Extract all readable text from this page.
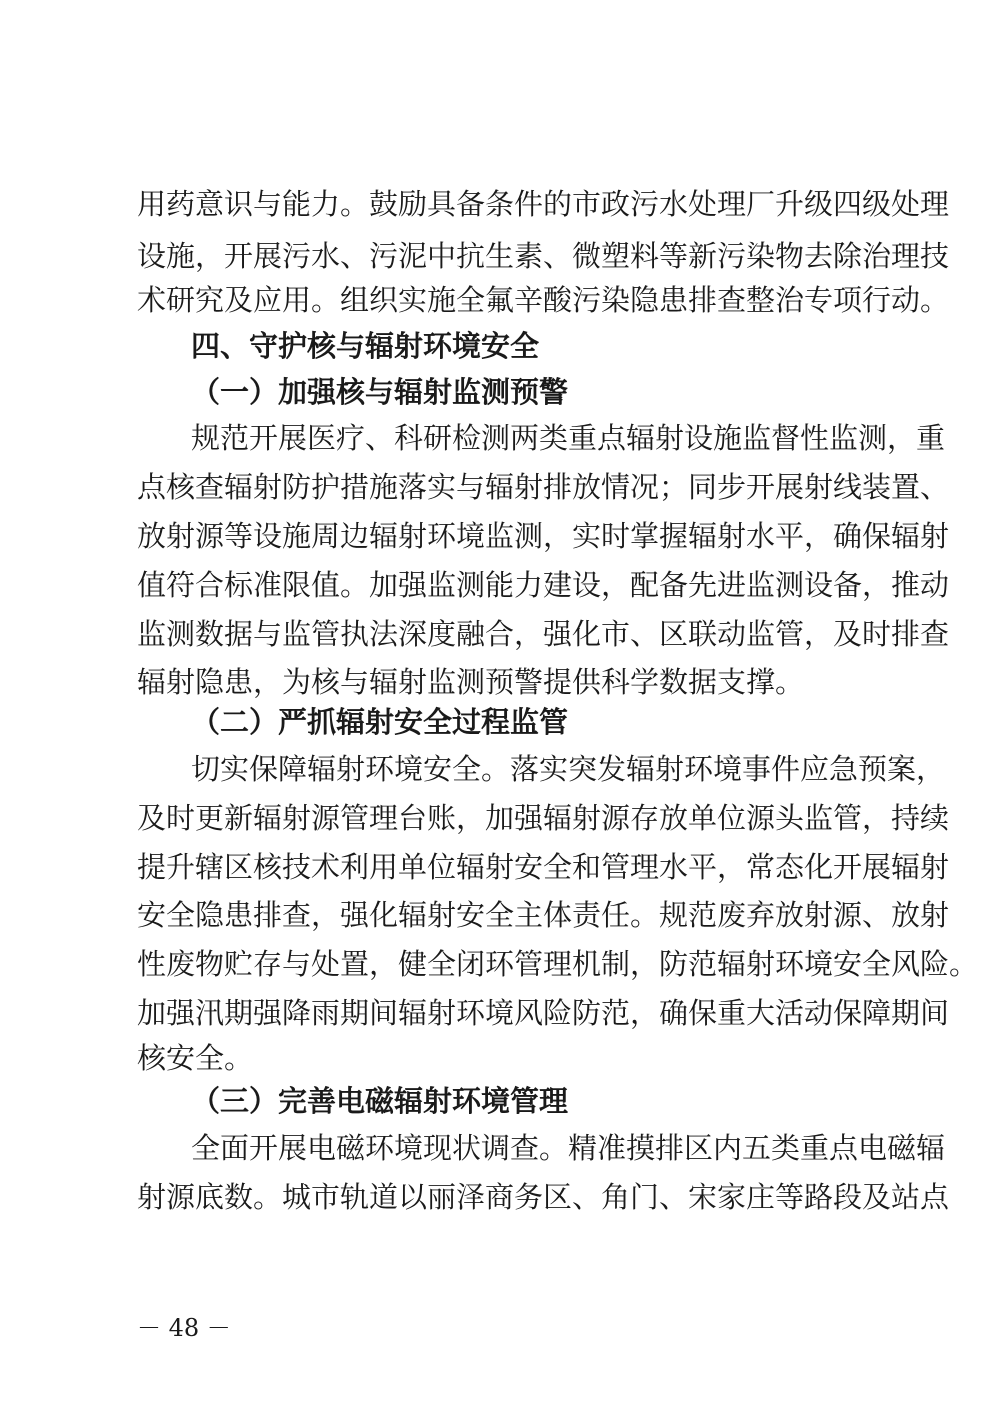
用药意识与能力。鼓励具备条件的市政污水处理厂升级四级处理
设施，开展污水、污泥中抗生素、微塑料等新污染物去除治理技
术研究及应用。组织实施全氟辛酸污染隐患排查整治专项行动。
四、守护核与辐射环境安全
（一）加强核与辐射监测预警
规范开展医疗、科研检测两类重点辐射设施监督性监测，重
点核查辐射防护措施落实与辐射排放情况；同步开展射线装置、
放射源等设施周边辐射环境监测，实时掌握辐射水平，确保辐射
值符合标准限值。加强监测能力建设，配备先进监测设备，推动
监测数据与监管执法深度融合，强化市、区联动监管，及时排查
辐射隐患，为核与辐射监测预警提供科学数据支撑。
（二）严抓辐射安全过程监管
切实保障辐射环境安全。落实突发辐射环境事件应急预案，
及时更新辐射源管理台账，加强辐射源存放单位源头监管，持续
提升辖区核技术利用单位辐射安全和管理水平，常态化开展辐射
安全隐患排查，强化辐射安全主体责任。规范废弃放射源、放射
性废物贮存与处置，健全闭环管理机制，防范辐射环境安全风险。
加强汛期强降雨期间辐射环境风险防范，确保重大活动保障期间
核安全。
（三）完善电磁辐射环境管理
全面开展电磁环境现状调查。精准摸排区内五类重点电磁辐
射源底数。城市轨道以丽泽商务区、角门、宋家庄等路段及站点
－ 48 －
